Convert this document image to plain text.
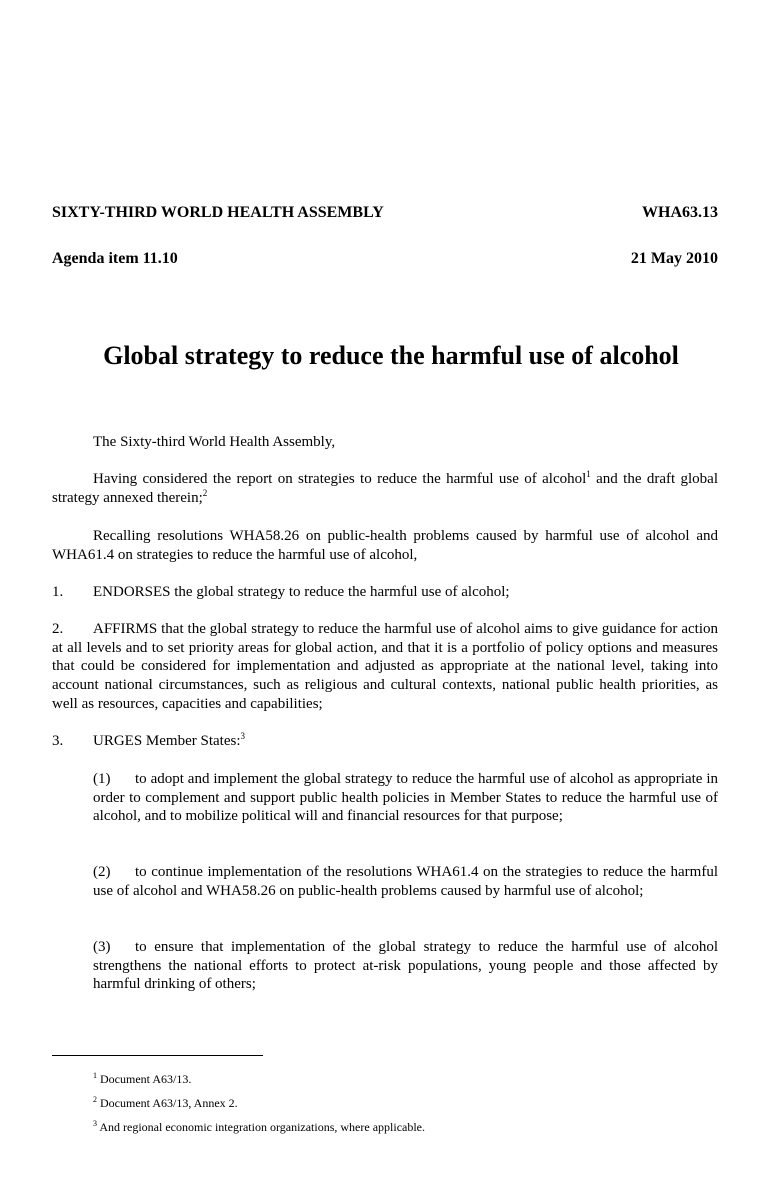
SIXTY-THIRD WORLD HEALTH ASSEMBLY	WHA63.13
Agenda item 11.10	21 May 2010
Global strategy to reduce the harmful use of alcohol

The Sixty-third World Health Assembly,

Having considered the report on strategies to reduce the harmful use of alcohol$^1$ and the draft global strategy annexed therein;$^2$

Recalling resolutions WHA58.26 on public-health problems caused by harmful use of alcohol and WHA61.4 on strategies to reduce the harmful use of alcohol,

1. ENDORSES the global strategy to reduce the harmful use of alcohol;

2. AFFIRMS that the global strategy to reduce the harmful use of alcohol aims to give guidance for action at all levels and to set priority areas for global action, and that it is a portfolio of policy options and measures that could be considered for implementation and adjusted as appropriate at the national level, taking into account national circumstances, such as religious and cultural contexts, national public health priorities, as well as resources, capacities and capabilities;

3. URGES Member States:$^3$

(1) to adopt and implement the global strategy to reduce the harmful use of alcohol as appropriate in order to complement and support public health policies in Member States to reduce the harmful use of alcohol, and to mobilize political will and financial resources for that purpose;

(2) to continue implementation of the resolutions WHA61.4 on the strategies to reduce the harmful use of alcohol and WHA58.26 on public-health problems caused by harmful use of alcohol;

(3) to ensure that implementation of the global strategy to reduce the harmful use of alcohol strengthens the national efforts to protect at-risk populations, young people and those affected by harmful drinking of others;

$^1$ Document A63/13.

$^2$ Document A63/13, Annex 2.

$^3$ And regional economic integration organizations, where applicable.
